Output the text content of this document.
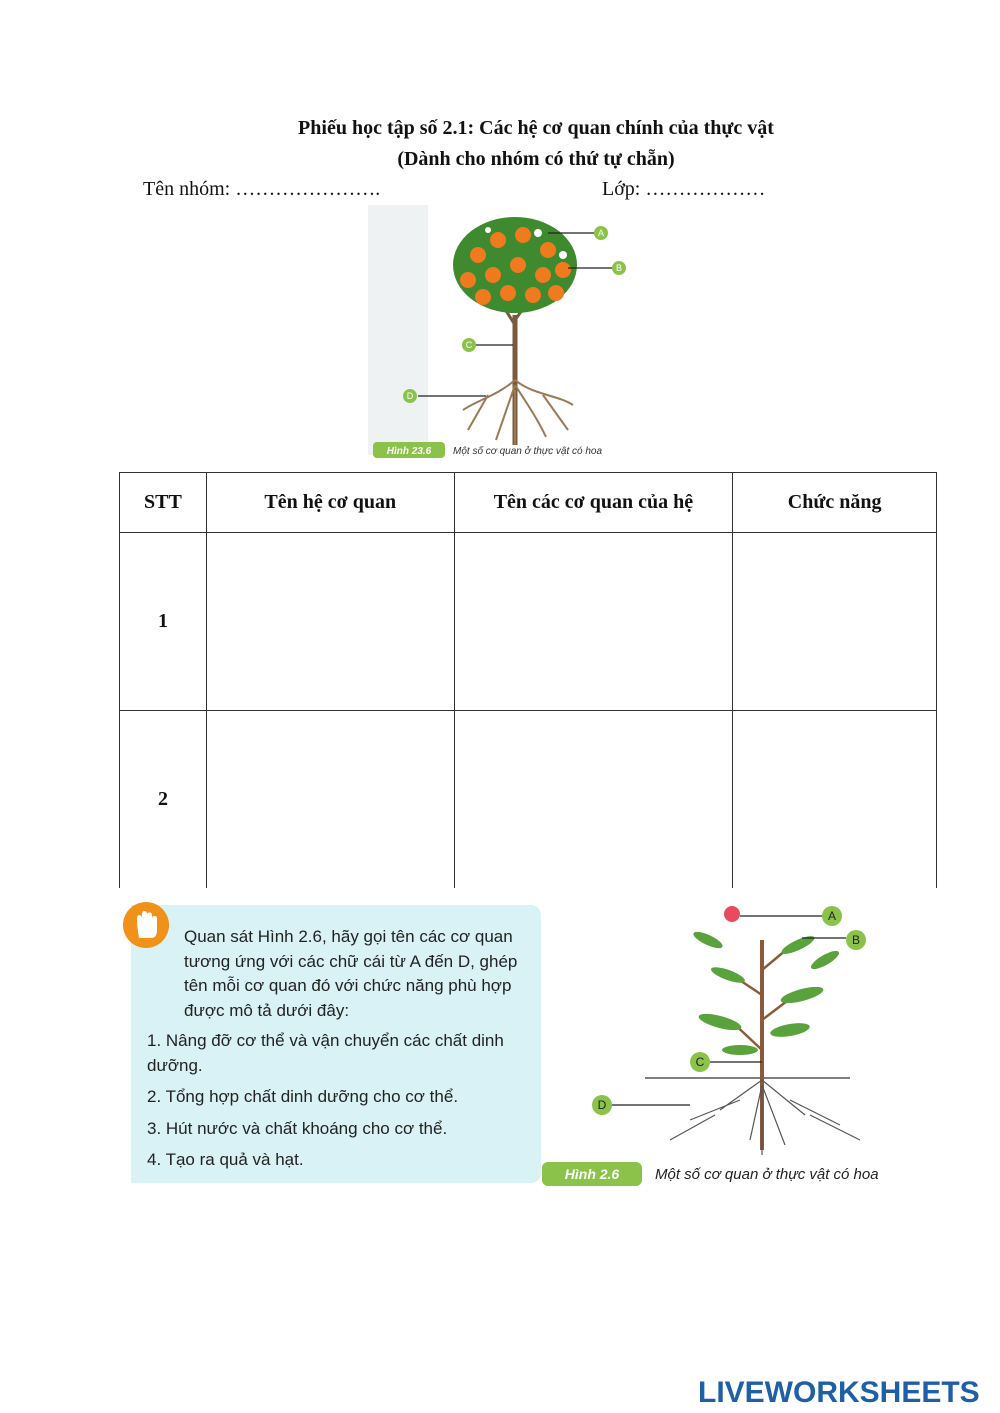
Phiếu học tập số 2.1: Các hệ cơ quan chính của thực vật
(Dành cho nhóm có thứ tự chẵn)
Tên nhóm: ………………….	Lớp: ………………
A
B
C
D
Hình 23.6 Một số cơ quan ở thực vật có hoa
STT	Tên hệ cơ quan	Tên các cơ quan của hệ	Chức năng
1			
2			
Quan sát Hình 2.6, hãy gọi tên các cơ quan tương ứng với các chữ cái từ A đến D, ghép tên mỗi cơ quan đó với chức năng phù hợp được mô tả dưới đây:
1. Nâng đỡ cơ thể và vận chuyển các chất dinh dưỡng.
2. Tổng hợp chất dinh dưỡng cho cơ thể.
3. Hút nước và chất khoáng cho cơ thể.
4. Tạo ra quả và hạt.
A
B
C
D
Hình 2.6 Một số cơ quan ở thực vật có hoa
LIVEWORKSHEETS
